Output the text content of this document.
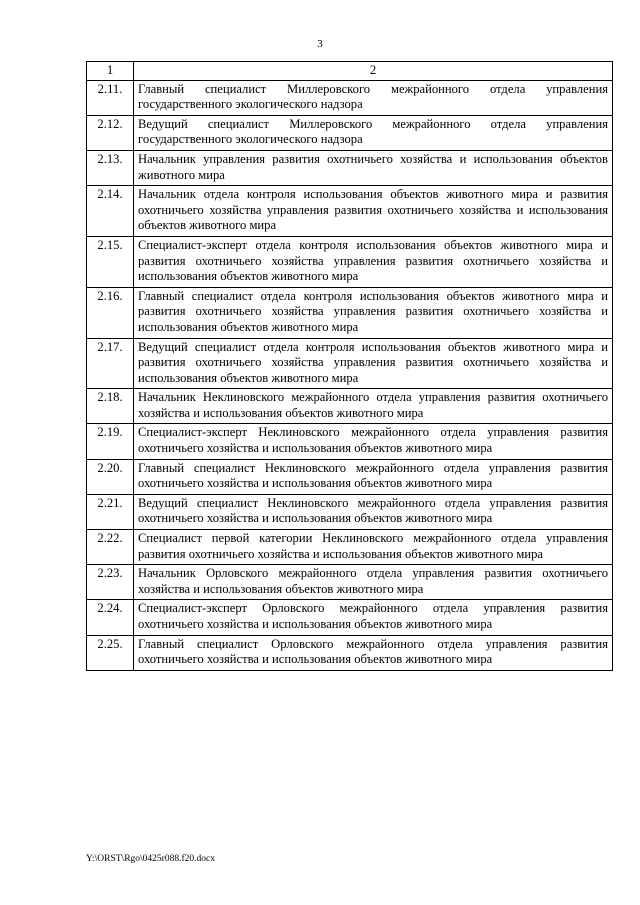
3
1	2
2.11.	Главный специалист Миллеровского межрайонного отдела управления государственного экологического надзора
2.12.	Ведущий специалист Миллеровского межрайонного отдела управления государственного экологического надзора
2.13.	Начальник управления развития охотничьего хозяйства и использования объектов животного мира
2.14.	Начальник отдела контроля использования объектов животного мира и развития охотничьего хозяйства управления развития охотничьего хозяйства и использования объектов животного мира
2.15.	Специалист-эксперт отдела контроля использования объектов животного мира и развития охотничьего хозяйства управления развития охотничьего хозяйства и использования объектов животного мира
2.16.	Главный специалист отдела контроля использования объектов животного мира и развития охотничьего хозяйства управления развития охотничьего хозяйства и использования объектов животного мира
2.17.	Ведущий специалист отдела контроля использования объектов животного мира и развития охотничьего хозяйства управления развития охотничьего хозяйства и использования объектов животного мира
2.18.	Начальник Неклиновского межрайонного отдела управления развития охотничьего хозяйства и использования объектов животного мира
2.19.	Специалист-эксперт Неклиновского межрайонного отдела управления развития охотничьего хозяйства и использования объектов животного мира
2.20.	Главный специалист Неклиновского межрайонного отдела управления развития охотничьего хозяйства и использования объектов животного мира
2.21.	Ведущий специалист Неклиновского межрайонного отдела управления развития охотничьего хозяйства и использования объектов животного мира
2.22.	Специалист первой категории Неклиновского межрайонного отдела управления развития охотничьего хозяйства и использования объектов животного мира
2.23.	Начальник Орловского межрайонного отдела управления развития охотничьего хозяйства и использования объектов животного мира
2.24.	Специалист-эксперт Орловского межрайонного отдела управления развития охотничьего хозяйства и использования объектов животного мира
2.25.	Главный специалист Орловского межрайонного отдела управления развития охотничьего хозяйства и использования объектов животного мира
Y:\ORST\Rgo\0425r088.f20.docx
